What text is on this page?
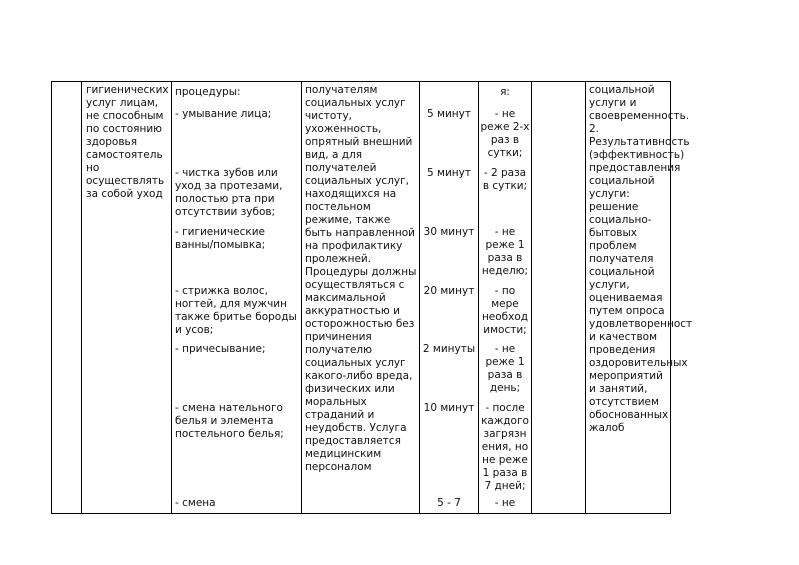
гигиенических услуг лицам, не способным по состоянию здоровья самостоятель но осуществлять за собой уход

процедуры:
- умывание лица;
- чистка зубов или уход за протезами, полостью рта при отсутствии зубов;
- гигиенические ванны/помывка;
- стрижка волос, ногтей, для мужчин также бритье бороды и усов;
- причесывание;
- смена нательного белья и элемента постельного белья;
- смена

получателям социальных услуг чистоту, ухоженность, опрятный внешний вид, а для получателей социальных услуг, находящихся на постельном режиме, также быть направленной на профилактику пролежней. Процедуры должны осуществляться с максимальной аккуратностью и осторожностью без причинения получателю социальных услуг какого-либо вреда, физических или моральных страданий и неудобств. Услуга предоставляется медицинским персоналом

5 минут
5 минут
30 минут
20 минут
2 минуты
10 минут
5 - 7
я:
- не реже 2-х раз в сутки;
- 2 раза в сутки;
- не реже 1 раза в неделю;
- по мере необход имости;
- не реже 1 раза в день;
- после каждого загрязн ения, но не реже 1 раза в 7 дней;
- не

социальной услуги и своевременность. 2. Результативность (эффективность) предоставления социальной услуги: решение социально-бытовых проблем получателя социальной услуги, оцениваемая путем опроса удовлетворенност и качеством проведения оздоровительных мероприятий и занятий, отсутствием обоснованных жалоб
